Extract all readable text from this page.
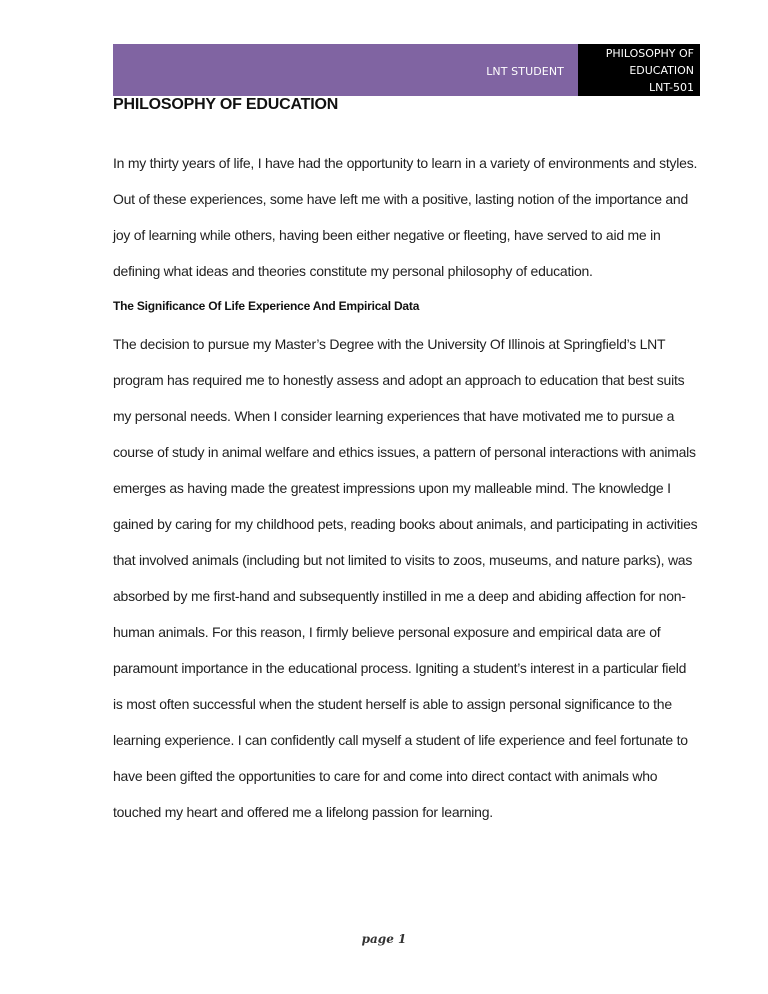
LNT STUDENT
PHILOSOPHY OF
EDUCATION
LNT-501
PHILOSOPHY OF EDUCATION
In my thirty years of life, I have had the opportunity to learn in a variety of environments and styles.
Out of these experiences, some have left me with a positive, lasting notion of the importance and
joy of learning while others, having been either negative or fleeting, have served to aid me in
defining what ideas and theories constitute my personal philosophy of education.
The Significance Of Life Experience And Empirical Data
The decision to pursue my Master’s Degree with the University Of Illinois at Springfield’s LNT
program has required me to honestly assess and adopt an approach to education that best suits
my personal needs. When I consider learning experiences that have motivated me to pursue a
course of study in animal welfare and ethics issues, a pattern of personal interactions with animals
emerges as having made the greatest impressions upon my malleable mind. The knowledge I
gained by caring for my childhood pets, reading books about animals, and participating in activities
that involved animals (including but not limited to visits to zoos, museums, and nature parks), was
absorbed by me first-hand and subsequently instilled in me a deep and abiding affection for non-
human animals. For this reason, I firmly believe personal exposure and empirical data are of
paramount importance in the educational process. Igniting a student’s interest in a particular field
is most often successful when the student herself is able to assign personal significance to the
learning experience. I can confidently call myself a student of life experience and feel fortunate to
have been gifted the opportunities to care for and come into direct contact with animals who
touched my heart and offered me a lifelong passion for learning.
page 1
